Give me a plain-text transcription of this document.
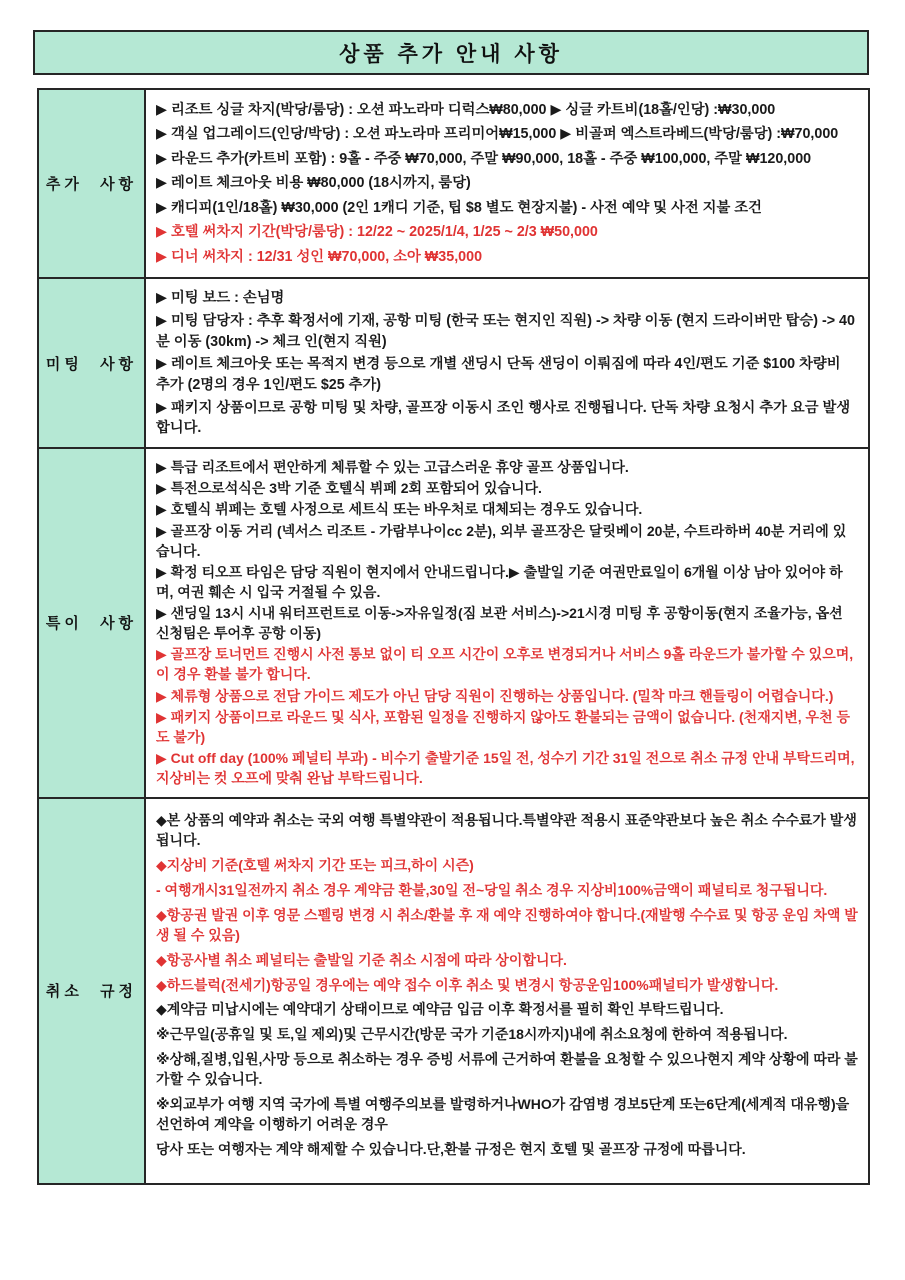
상품 추가 안내 사항
추가 사항
▶ 리조트 싱글 차지(박당/룸당) : 오션 파노라마 디럭스₩80,000 ▶ 싱글 카트비(18홀/인당) :₩30,000
▶ 객실 업그레이드(인당/박당) : 오션 파노라마 프리미어₩15,000 ▶ 비골퍼 엑스트라베드(박당/룸당) :₩70,000
▶ 라운드 추가(카트비 포함) : 9홀 - 주중 ₩70,000, 주말 ₩90,000, 18홀 - 주중 ₩100,000, 주말 ₩120,000
▶ 레이트 체크아웃 비용 ₩80,000 (18시까지, 룸당)
▶ 캐디피(1인/18홀) ₩30,000 (2인 1캐디 기준, 팁 $8 별도 현장지불) - 사전 예약 및 사전 지불 조건
▶ 호텔 써차지 기간(박당/룸당) : 12/22 ~ 2025/1/4, 1/25 ~ 2/3 ₩50,000
▶ 디너 써차지 : 12/31 성인 ₩70,000, 소아 ₩35,000
미팅 사항
▶ 미팅 보드 : 손님명
▶ 미팅 담당자 : 추후 확정서에 기재, 공항 미팅 (한국 또는 현지인 직원) -> 차량 이동 (현지 드라이버만 탑승) -> 40분 이동 (30km) -> 체크 인(현지 직원)
▶ 레이트 체크아웃 또는 목적지 변경 등으로 개별 샌딩시 단독 샌딩이 이뤄짐에 따라 4인/편도 기준 $100 차량비 추가 (2명의 경우 1인/편도 $25 추가)
▶ 패키지 상품이므로 공항 미팅 및 차량, 골프장 이동시 조인 행사로 진행됩니다. 단독 차량 요청시 추가 요금 발생합니다.
특이 사항
▶ 특급 리조트에서 편안하게 체류할 수 있는 고급스러운 휴양 골프 상품입니다.
▶ 특전으로석식은 3박 기준 호텔식 뷔페 2회 포함되어 있습니다.
▶ 호텔식 뷔페는 호텔 사정으로 세트식 또는 바우처로 대체되는 경우도 있습니다.
▶ 골프장 이동 거리 (넥서스 리조트 - 가람부나이cc 2분), 외부 골프장은 달릿베이 20분, 수트라하버 40분 거리에 있습니다.
▶ 확정 티오프 타임은 담당 직원이 현지에서 안내드립니다.▶ 출발일 기준 여권만료일이 6개월 이상 남아 있어야 하며, 여권 훼손 시 입국 거절될 수 있음.
▶ 샌딩일 13시 시내 워터프런트로 이동->자유일정(짐 보관 서비스)->21시경 미팅 후 공항이동(현지 조율가능, 옵션 신청팀은 투어후 공항 이동)
▶ 골프장 토너먼트 진행시 사전 통보 없이 티 오프 시간이 오후로 변경되거나 서비스 9홀 라운드가 불가할 수 있으며, 이 경우 환불 불가 합니다.
▶ 체류형 상품으로 전담 가이드 제도가 아닌 담당 직원이 진행하는 상품입니다. (밀착 마크 핸들링이 어렵습니다.)
▶ 패키지 상품이므로 라운드 및 식사, 포함된 일정을 진행하지 않아도 환불되는 금액이 없습니다. (천재지변, 우천 등도 불가)
▶ Cut off day (100% 페널티 부과) - 비수기 출발기준 15일 전, 성수기 기간 31일 전으로 취소 규정 안내 부탁드리며,지상비는 컷 오프에 맞춰 완납 부탁드립니다.
취소 규정
◆본 상품의 예약과 취소는 국외 여행 특별약관이 적용됩니다.특별약관 적용시 표준약관보다 높은 취소 수수료가 발생됩니다.
◆지상비 기준(호텔 써차지 기간 또는 피크,하이 시즌)
- 여행개시31일전까지 취소 경우 계약금 환불,30일 전~당일 취소 경우 지상비100%금액이 패널티로 청구됩니다.
◆항공권 발권 이후 영문 스펠링 변경 시 취소/환불 후 재 예약 진행하여야 합니다.(재발행 수수료 및 항공 운임 차액 발생 될 수 있음)
◆항공사별 취소 페널티는 출발일 기준 취소 시점에 따라 상이합니다.
◆하드블럭(전세기)항공일 경우에는 예약 접수 이후 취소 및 변경시 항공운임100%패널티가 발생합니다.
◆계약금 미납시에는 예약대기 상태이므로 예약금 입금 이후 확정서를 필히 확인 부탁드립니다.
※근무일(공휴일 및 토,일 제외)및 근무시간(방문 국가 기준18시까지)내에 취소요청에 한하여 적용됩니다.
※상해,질병,입원,사망 등으로 취소하는 경우 증빙 서류에 근거하여 환불을 요청할 수 있으나현지 계약 상황에 따라 불가할 수 있습니다.
※외교부가 여행 지역 국가에 특별 여행주의보를 발령하거나WHO가 감염병 경보5단계 또는6단계(세계적 대유행)을 선언하여 계약을 이행하기 어려운 경우
당사 또는 여행자는 계약 해제할 수 있습니다.단,환불 규정은 현지 호텔 및 골프장 규정에 따릅니다.
